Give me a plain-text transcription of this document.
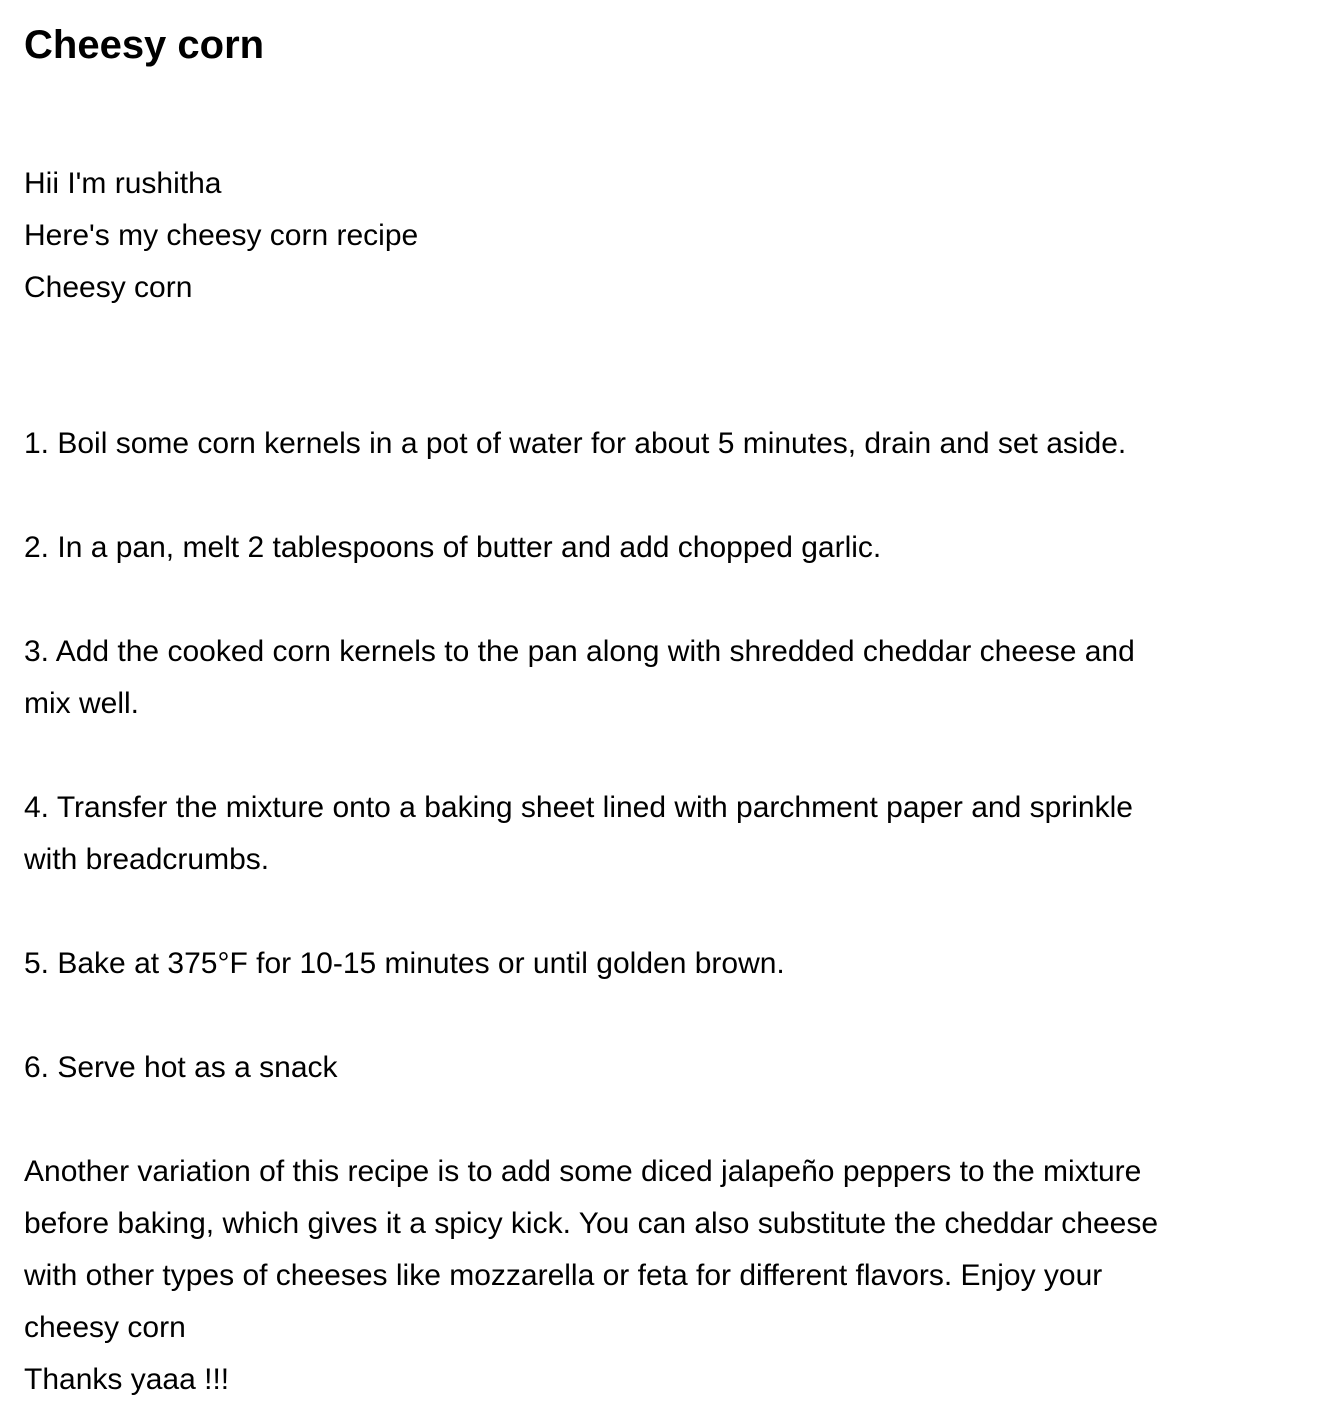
Cheesy corn

Hii I'm rushitha

Here's my cheesy corn recipe

Cheesy corn

1. Boil some corn kernels in a pot of water for about 5 minutes, drain and set aside.

2. In a pan, melt 2 tablespoons of butter and add chopped garlic.

3. Add the cooked corn kernels to the pan along with shredded cheddar cheese and

mix well.

4. Transfer the mixture onto a baking sheet lined with parchment paper and sprinkle

with breadcrumbs.

5. Bake at 375°F for 10-15 minutes or until golden brown.

6. Serve hot as a snack

Another variation of this recipe is to add some diced jalapeño peppers to the mixture

before baking, which gives it a spicy kick. You can also substitute the cheddar cheese

with other types of cheeses like mozzarella or feta for different flavors. Enjoy your

cheesy corn

Thanks yaaa !!!
